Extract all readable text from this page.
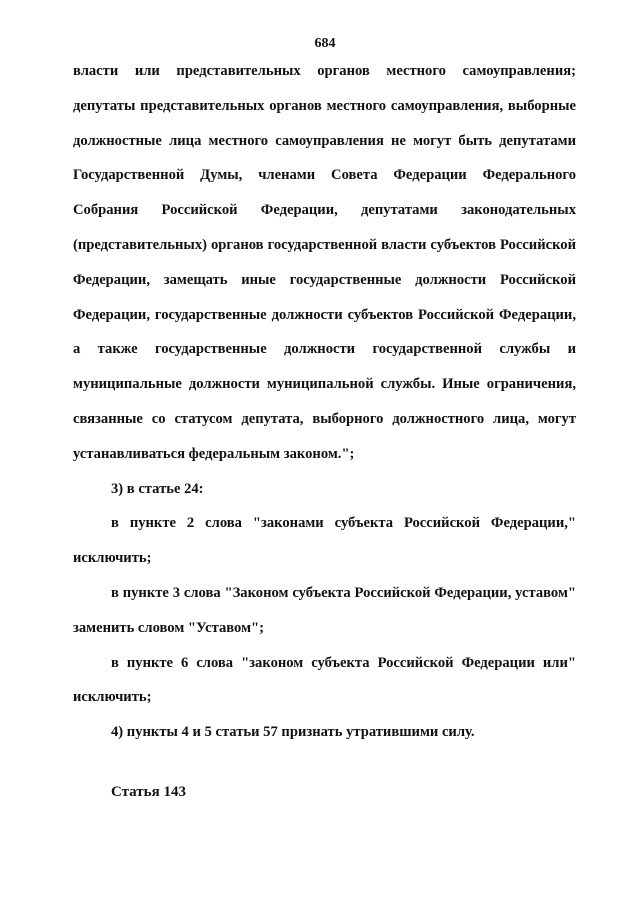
684

власти или представительных органов местного самоуправления; депутаты представительных органов местного самоуправления, выборные должностные лица местного самоуправления не могут быть депутатами Государственной Думы, членами Совета Федерации Федерального Собрания Российской Федерации, депутатами законодательных (представительных) органов государственной власти субъектов Российской Федерации, замещать иные государственные должности Российской Федерации, государственные должности субъектов Российской Федерации, а также государственные должности государственной службы и муниципальные должности муниципальной службы. Иные ограничения, связанные со статусом депутата, выборного должностного лица, могут устанавливаться федеральным законом.";

3) в статье 24:

в пункте 2 слова "законами субъекта Российской Федерации," исключить;

в пункте 3 слова "Законом субъекта Российской Федерации, уставом" заменить словом "Уставом";

в пункте 6 слова "законом субъекта Российской Федерации или" исключить;

4) пункты 4 и 5 статьи 57 признать утратившими силу.

Статья 143
